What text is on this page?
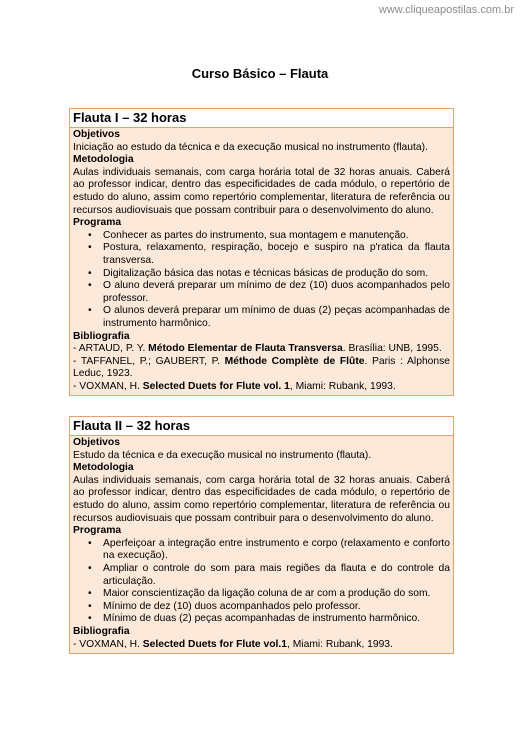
www.cliqueapostilas.com.br
Curso Básico – Flauta
Flauta I – 32 horas
Objetivos
Iniciação ao estudo da técnica e da execução musical no instrumento (flauta).
Metodologia
Aulas individuais semanais, com carga horária total de 32 horas anuais. Caberá ao professor indicar, dentro das especificidades de cada módulo, o repertório de estudo do aluno, assim como repertório complementar, literatura de referência ou recursos audiovisuais que possam contribuir para o desenvolvimento do aluno.
Programa
• Conhecer as partes do instrumento, sua montagem e manutenção.
• Postura, relaxamento, respiração, bocejo e suspiro na p'ratica da flauta transversa.
• Digitalização básica das notas e técnicas básicas de produção do som.
• O aluno deverá preparar um mínimo de dez (10) duos acompanhados pelo professor.
• O alunos deverá preparar um mínimo de duas (2) peças acompanhadas de instrumento harmônico.
Bibliografia
- ARTAUD, P. Y. Método Elementar de Flauta Transversa. Brasília: UNB, 1995.
- TAFFANEL, P.; GAUBERT, P. Méthode Complète de Flûte. Paris : Alphonse Leduc, 1923.
- VOXMAN, H. Selected Duets for Flute vol. 1, Miami: Rubank, 1993.
Flauta II – 32 horas
Objetivos
Estudo da técnica e da execução musical no instrumento (flauta).
Metodologia
Aulas individuais semanais, com carga horária total de 32 horas anuais. Caberá ao professor indicar, dentro das especificidades de cada módulo, o repertório de estudo do aluno, assim como repertório complementar, literatura de referência ou recursos audiovisuais que possam contribuir para o desenvolvimento do aluno.
Programa
• Aperfeiçoar a integração entre instrumento e corpo (relaxamento e conforto na execução).
• Ampliar o controle do som para mais regiões da flauta e do controle da articulação.
• Maior conscientização da ligação coluna de ar com a produção do som.
• Mínimo de dez (10) duos acompanhados pelo professor.
• Mínimo de duas (2) peças acompanhadas de instrumento harmônico.
Bibliografia
- VOXMAN, H. Selected Duets for Flute vol.1, Miami: Rubank, 1993.
